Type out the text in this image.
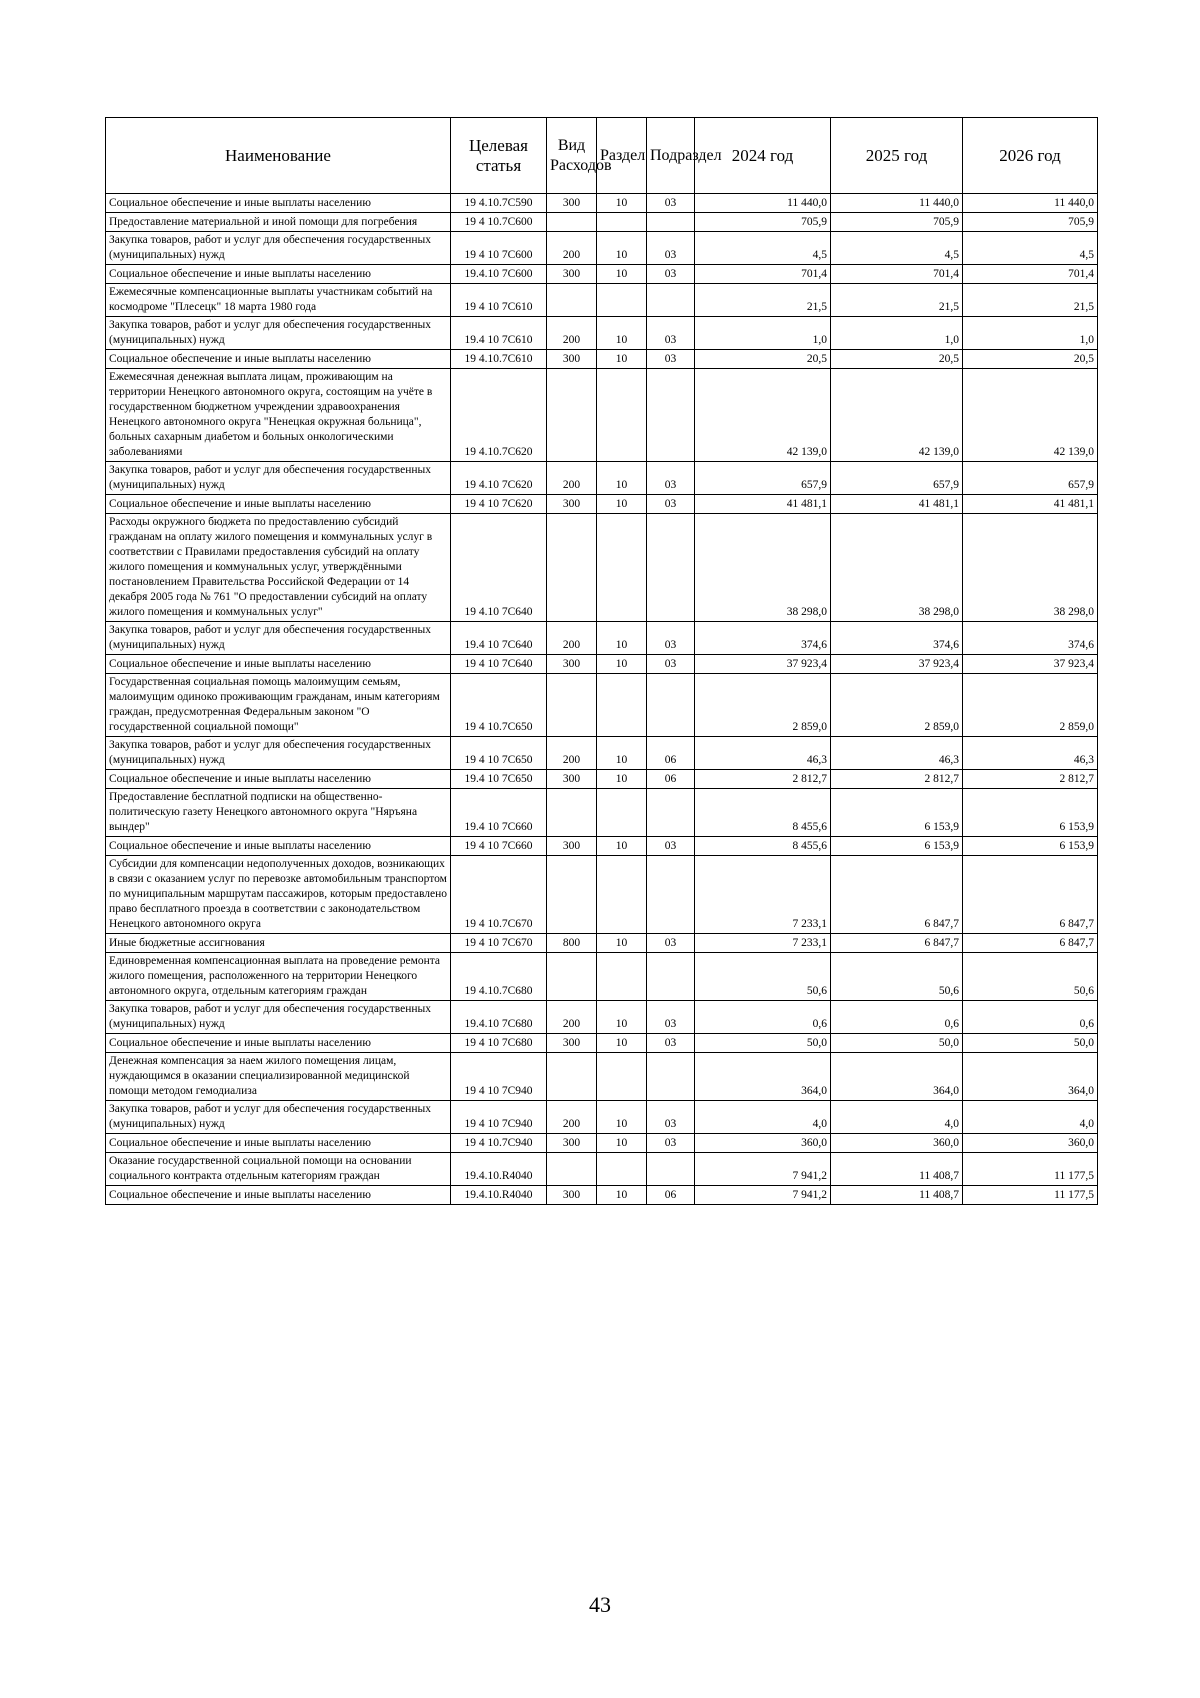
Наименование	Целевая статья	Вид Расходов	Раздел	Подраздел	2024 год	2025 год	2026 год
Социальное обеспечение и иные выплаты населению	19 4.10.7С590	300	10	03	11 440,0	11 440,0	11 440,0
Предоставление материальной и иной помощи для погребения	19 4 10.7С600				705,9	705,9	705,9
Закупка товаров, работ и услуг для обеспечения государственных (муниципальных) нужд	19 4 10 7С600	200	10	03	4,5	4,5	4,5
Социальное обеспечение и иные выплаты населению	19.4.10 7С600	300	10	03	701,4	701,4	701,4
Ежемесячные компенсационные выплаты участникам событий на космодроме "Плесецк" 18 марта 1980 года	19 4 10 7С610				21,5	21,5	21,5
Закупка товаров, работ и услуг для обеспечения государственных (муниципальных) нужд	19.4 10 7С610	200	10	03	1,0	1,0	1,0
Социальное обеспечение и иные выплаты населению	19 4.10.7С610	300	10	03	20,5	20,5	20,5
Ежемесячная денежная выплата лицам, проживающим на территории Ненецкого автономного округа, состоящим на учёте в государственном бюджетном учреждении здравоохранения Ненецкого автономного округа "Ненецкая окружная больница", больных сахарным диабетом и больных онкологическими заболеваниями	19 4.10.7С620				42 139,0	42 139,0	42 139,0
Закупка товаров, работ и услуг для обеспечения государственных (муниципальных) нужд	19 4.10 7С620	200	10	03	657,9	657,9	657,9
Социальное обеспечение и иные выплаты населению	19 4 10 7С620	300	10	03	41 481,1	41 481,1	41 481,1
Расходы окружного бюджета по предоставлению субсидий гражданам на оплату жилого помещения и коммунальных услуг в соответствии с Правилами предоставления субсидий на оплату жилого помещения и коммунальных услуг, утверждёнными постановлением Правительства Российской Федерации от 14 декабря 2005 года № 761 "О предоставлении субсидий на оплату жилого помещения и коммунальных услуг"	19 4.10 7С640				38 298,0	38 298,0	38 298,0
Закупка товаров, работ и услуг для обеспечения государственных (муниципальных) нужд	19.4 10 7С640	200	10	03	374,6	374,6	374,6
Социальное обеспечение и иные выплаты населению	19 4 10 7С640	300	10	03	37 923,4	37 923,4	37 923,4
Государственная социальная помощь малоимущим семьям, малоимущим одиноко проживающим гражданам, иным категориям граждан, предусмотренная Федеральным законом "О государственной социальной помощи"	19 4 10.7С650				2 859,0	2 859,0	2 859,0
Закупка товаров, работ и услуг для обеспечения государственных (муниципальных) нужд	19 4 10 7С650	200	10	06	46,3	46,3	46,3
Социальное обеспечение и иные выплаты населению	19.4 10 7С650	300	10	06	2 812,7	2 812,7	2 812,7
Предоставление бесплатной подписки на общественно-политическую газету Ненецкого автономного округа "Няръяна вындер"	19.4 10 7С660				8 455,6	6 153,9	6 153,9
Социальное обеспечение и иные выплаты населению	19 4 10 7С660	300	10	03	8 455,6	6 153,9	6 153,9
Субсидии для компенсации недополученных доходов, возникающих в связи с оказанием услуг по перевозке автомобильным транспортом по муниципальным маршрутам пассажиров, которым предоставлено право бесплатного проезда в соответствии с законодательством Ненецкого автономного округа	19 4 10.7С670				7 233,1	6 847,7	6 847,7
Иные бюджетные ассигнования	19 4 10 7С670	800	10	03	7 233,1	6 847,7	6 847,7
Единовременная компенсационная выплата на проведение ремонта жилого помещения, расположенного на территории Ненецкого автономного округа, отдельным категориям граждан	19 4.10.7С680				50,6	50,6	50,6
Закупка товаров, работ и услуг для обеспечения государственных (муниципальных) нужд	19.4.10 7С680	200	10	03	0,6	0,6	0,6
Социальное обеспечение и иные выплаты населению	19 4 10 7С680	300	10	03	50,0	50,0	50,0
Денежная компенсация за наем жилого помещения лицам, нуждающимся в оказании специализированной медицинской помощи методом гемодиализа	19 4 10 7С940				364,0	364,0	364,0
Закупка товаров, работ и услуг для обеспечения государственных (муниципальных) нужд	19 4 10 7С940	200	10	03	4,0	4,0	4,0
Социальное обеспечение и иные выплаты населению	19 4 10.7С940	300	10	03	360,0	360,0	360,0
Оказание государственной социальной помощи на основании социального контракта отдельным категориям граждан	19.4.10.R4040				7 941,2	11 408,7	11 177,5
Социальное обеспечение и иные выплаты населению	19.4.10.R4040	300	10	06	7 941,2	11 408,7	11 177,5
43
